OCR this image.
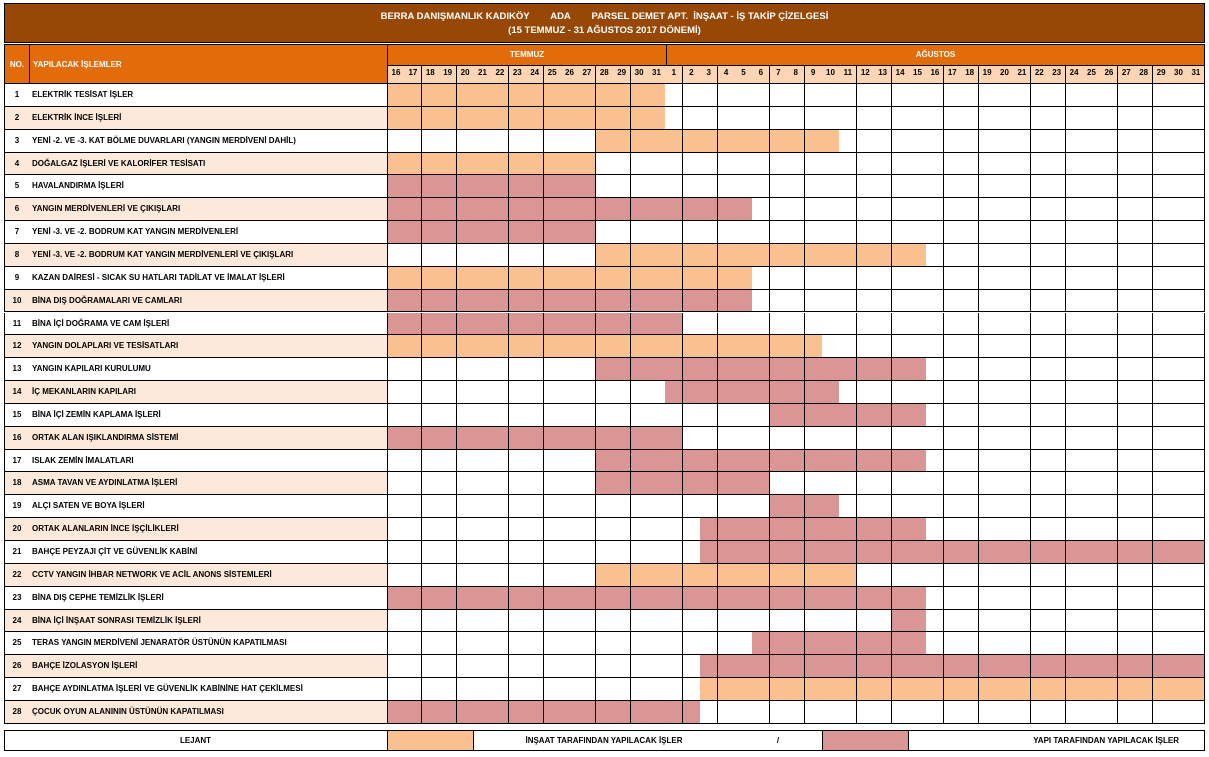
BERRA DANIŞMANLIK KADIKÖY        ADA        PARSEL DEMET APT.  İNŞAAT - İŞ TAKİP ÇİZELGESİ
(15 TEMMUZ - 31 AĞUSTOS 2017 DÖNEMİ)
NO.	YAPILACAK İŞLEMLER
TEMMUZ	AĞUSTOS
16 17	18	19	20	21	22	23	24	25	26	27	28	29	30	31	1	2	3	4	5	6	7	8	9	10	11	12	13	14	15	16	17	18	19	20	21	22	23	24	25	26	27	28	29	30	31
1	ELEKTRİK TESİSAT İŞLER
2	ELEKTRİK İNCE İŞLERİ
3	YENİ -2. VE -3. KAT BÖLME DUVARLARI (YANGIN MERDİVENİ DAHİL)
4	DOĞALGAZ İŞLERİ VE KALORİFER TESİSATI
5	HAVALANDIRMA İŞLERİ
6	YANGIN MERDİVENLERİ VE ÇIKIŞLARI
7	YENİ -3. VE -2. BODRUM KAT YANGIN MERDİVENLERİ
8	YENİ -3. VE -2. BODRUM KAT YANGIN MERDİVENLERİ VE ÇIKIŞLARI
9	KAZAN DAİRESİ - SICAK SU HATLARI TADİLAT VE İMALAT İŞLERİ
10	BİNA DIŞ DOĞRAMALARI VE CAMLARI
11	BİNA İÇİ DOĞRAMA VE CAM İŞLERİ
12	YANGIN DOLAPLARI VE TESİSATLARI
13	YANGIN KAPILARI KURULUMU
14	İÇ MEKANLARIN KAPILARI
15	BİNA İÇİ ZEMİN KAPLAMA İŞLERİ
16	ORTAK ALAN IŞIKLANDIRMA SİSTEMİ
17	ISLAK ZEMİN İMALATLARI
18	ASMA TAVAN VE AYDINLATMA İŞLERİ
19	ALÇI SATEN VE BOYA İŞLERİ
20	ORTAK ALANLARIN İNCE İŞÇİLİKLERİ
21	BAHÇE PEYZAJI ÇİT VE GÜVENLİK KABİNİ
22	CCTV YANGIN İHBAR NETWORK VE ACİL ANONS SİSTEMLERİ
23	BİNA DIŞ CEPHE TEMİZLİK İŞLERİ
24	BİNA İÇİ İNŞAAT SONRASI TEMİZLİK İŞLERİ
25	TERAS YANGIN MERDİVENİ JENARATÖR ÜSTÜNÜN KAPATILMASI
26	BAHÇE İZOLASYON İŞLERİ
27	BAHÇE AYDINLATMA İŞLERİ VE GÜVENLİK KABİNİNE HAT ÇEKİLMESİ
28	ÇOCUK OYUN ALANININ ÜSTÜNÜN KAPATILMASI
LEJANT	İNŞAAT TARAFINDAN YAPILACAK İŞLER	/	YAPI TARAFINDAN YAPILACAK İŞLER
